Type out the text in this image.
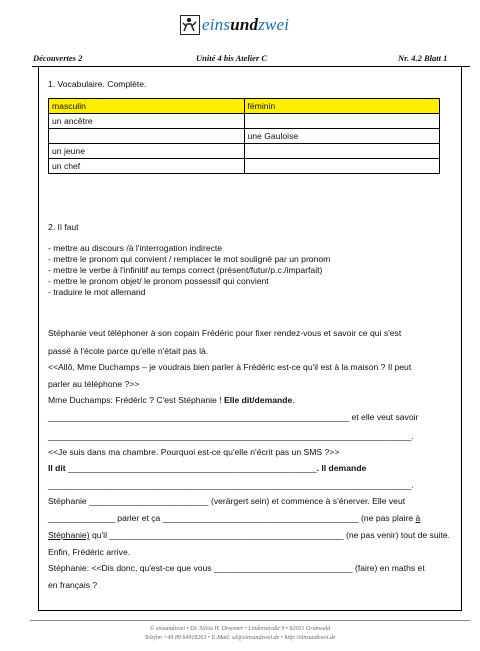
einsundzwei
Découvertes 2	Unité 4 bis Atelier C	Nr. 4.2 Blatt 1
1. Vocabulaire. Complète.
masculin	féminin
un ancêtre	
	une Gauloise
un jeune	
un chef	
2. Il faut
- mettre au discours /à l'interrogation indirecte
- mettre le pronom qui convient / remplacer le mot souligné par un pronom
- mettre le verbe à l'infinitif au temps correct (présent/futur/p.c./imparfait)
- mettre le pronom objet/ le pronom possessif qui convient
- traduire le mot allemand
Stéphanie veut téléphoner à son copain Frédéric pour fixer rendez-vous et savoir ce qui s'est
passé à l'école parce qu'elle n'était pas là.
<<Allô, Mme Duchamps – je voudrais bien parler à Frédéric est-ce qu'il est à la maison ? Il peut
parler au téléphone ?>>
Mme Duchamps: Frédéric ? C'est Stéphanie ! Elle dit/demande.
_______________________________________________________________ et elle veut savoir
____________________________________________________________________________.
<<Je suis dans ma chambre. Pourquoi est-ce qu'elle n'écrit pas un SMS ?>>
Il dit ____________________________________________________. Il demande
____________________________________________________________________________.
Stéphanie _________________________ (verärgert sein) et commence à s'énerver. Elle veut
______________ parler et ça _________________________________________ (ne pas plaire à
Stéphanie) qu'il _________________________________________________ (ne pas venir) tout de suite.
Enfin, Frédéric arrive.
Stéphanie: <<Dis donc, qu'est-ce que vous _____________________________ (faire) en maths et
en français ?
© einsundzwei • Dr. Silvia H. Droemer • Lindenstraße 9 • 82031 Grünwald
Telefon +49 89 64918263 • E-Mail: sd@einsundzwei.de • http://einsundzwei.de
